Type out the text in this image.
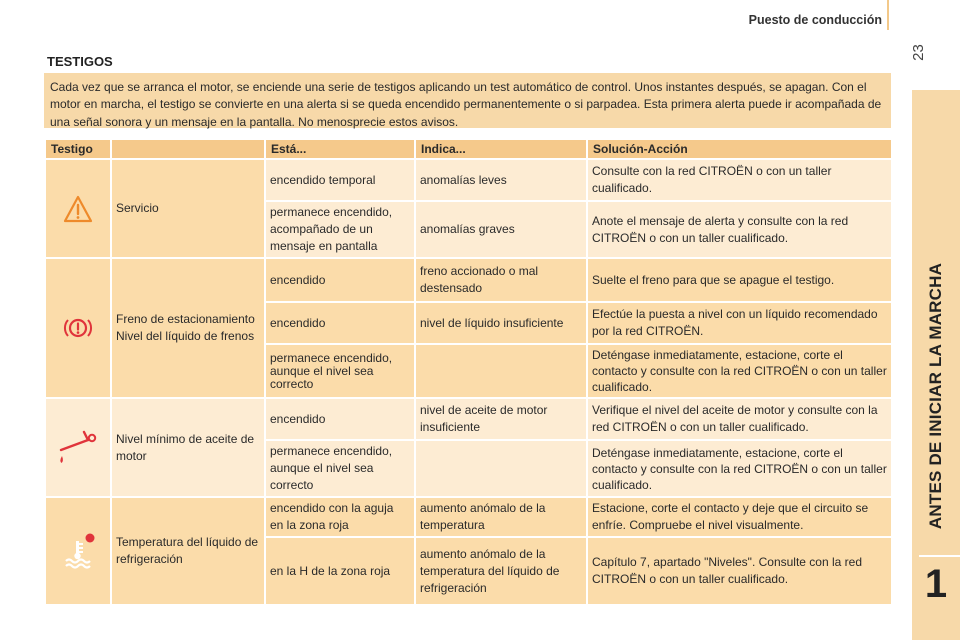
Puesto de conducción
23
ANTES DE INICIAR LA MARCHA
1
TESTIGOS
Cada vez que se arranca el motor, se enciende una serie de testigos aplicando un test automático de control. Unos instantes después, se apagan. Con el motor en marcha, el testigo se convierte en una alerta si se queda encendido permanentemente o si parpadea. Esta primera alerta puede ir acompañada de una señal sonora y un mensaje en la pantalla. No menosprecie estos avisos.
Testigo		Está...	Indica...	Solución-Acción

	Servicio	encendido temporal	anomalías leves	Consulte con la red CITROËN o con un taller cualificado.
		permanece encendido, acompañado de un mensaje en pantalla	anomalías graves	Anote el mensaje de alerta y consulte con la red CITROËN o con un taller cualificado.

	Freno de estacionamiento Nivel del líquido de frenos	encendido	freno accionado o mal destensado	Suelte el freno para que se apague el testigo.
		encendido	nivel de líquido insuficiente	Efectúe la puesta a nivel con un líquido recomendado por la red CITROËN.
		permanece encendido, aunque el nivel sea correcto		Deténgase inmediatamente, estacione, corte el contacto y consulte con la red CITROËN o con un taller cualificado.

	Nivel mínimo de aceite de motor	encendido	nivel de aceite de motor insuficiente	Verifique el nivel del aceite de motor y consulte con la red CITROËN o con un taller cualificado.
		permanece encendido, aunque el nivel sea correcto		Deténgase inmediatamente, estacione, corte el contacto y consulte con la red CITROËN o con un taller cualificado.

	Temperatura del líquido de refrigeración	encendido con la aguja en la zona roja	aumento anómalo de la temperatura	Estacione, corte el contacto y deje que el circuito se enfríe. Compruebe el nivel visualmente.
		en la H de la zona roja	aumento anómalo de la temperatura del líquido de refrigeración	Capítulo 7, apartado "Niveles". Consulte con la red CITROËN o con un taller cualificado.
